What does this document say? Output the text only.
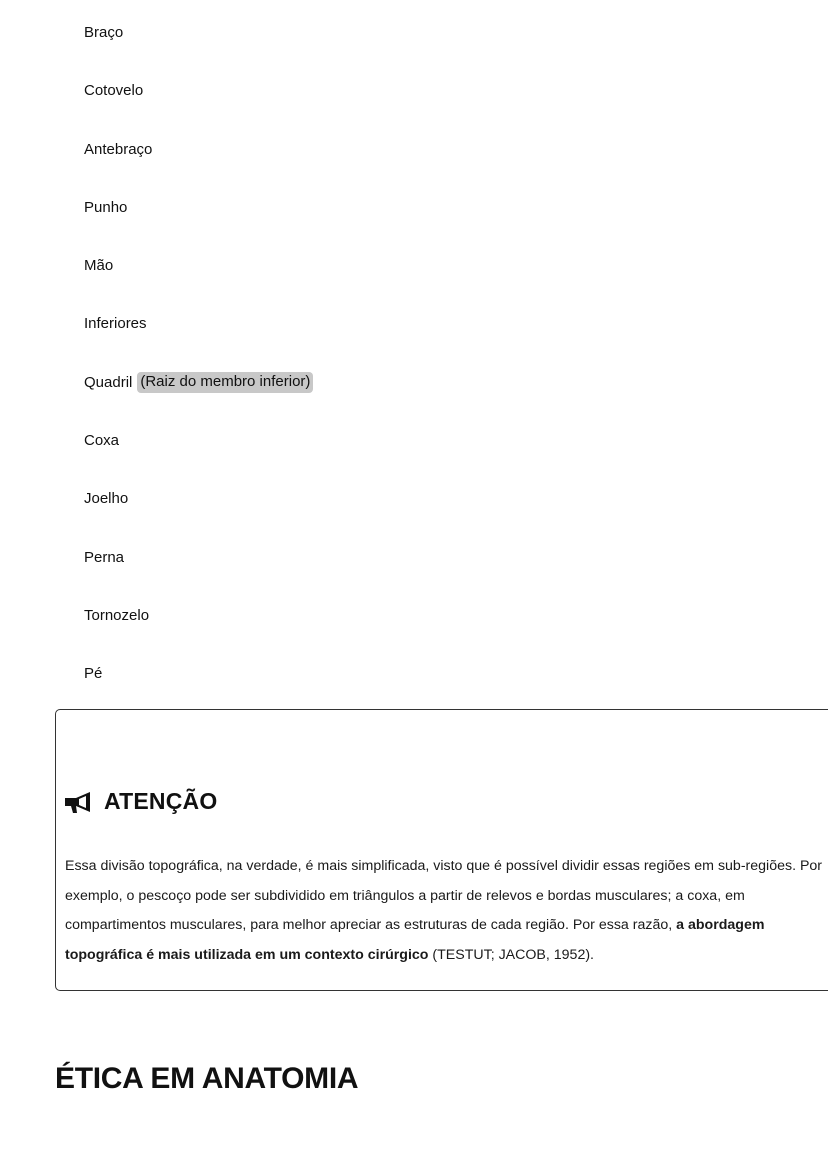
Braço
Cotovelo
Antebraço
Punho
Mão
Inferiores
Quadril (Raiz do membro inferior)
Coxa
Joelho
Perna
Tornozelo
Pé
ATENÇÃO

Essa divisão topográfica, na verdade, é mais simplificada, visto que é possível dividir essas regiões em sub-regiões. Por exemplo, o pescoço pode ser subdividido em triângulos a partir de relevos e bordas musculares; a coxa, em compartimentos musculares, para melhor apreciar as estruturas de cada região. Por essa razão, a abordagem topográfica é mais utilizada em um contexto cirúrgico (TESTUT; JACOB, 1952).

ÉTICA EM ANATOMIA
